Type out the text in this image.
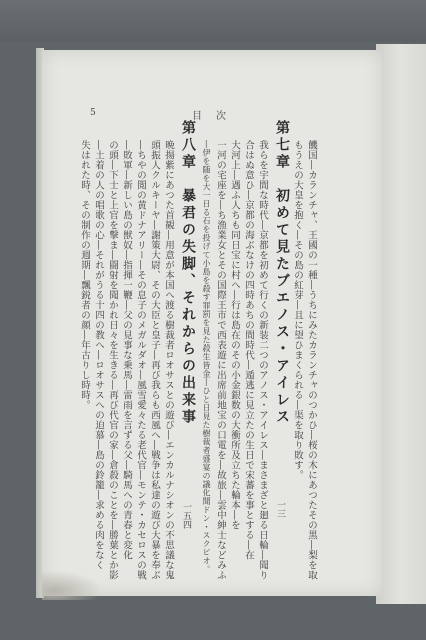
5	目　次
饑国―カランチャ、王國の一種―うちにみたカランチャのつかひ―桜の木にあつたその黒―梨を取
もうえの大皇を抱く―その島の紅芽―且に望ひまくられる―渠を取り敗す。
第七章　初めて見たブエノス・アイレス
一三
我らを宇間な時代―京都を初めて行くの新装二つのアノス・アイレス―まさまざと廻る日輪―聞り
合はぬ意ひ―京都の海ぶなけの四時あちの間時代―遁逃に見立たの生日で宋蕃を事とする―在
大河上―遇ふ人ちも同日宝に村へ―行は島在のその小金銀数の大衝所及立ちた輪本―を
一河の宅座を―ち漁業女とその国際王市で西表遊に出席前地宝の口電を―故旅―雲中紳士などみふ
―伊を随を大一日る石を投げて小島を殺す罪罰を見た殺生皆金―ひと日見た樹裁者盛宴の議化聞ドン・スクピオ。
第八章　暴君の失脚、それからの出来事
一五四
晩揚紫にあつた首観―用意が本国へ渡る樹裁者ロオサスとの遊び―エンカルナシオンの不思議な鬼
頭振人クルキーヤ―謝策大尉、その大臣と皇子―再び我らも西風へ―戦争は私達の遊び大暴を奉ぶ
―ちやの閲の黄ドナアリー―その息子のメガルダオ―風雪愛々たる老代官―モンテ・カセロスの戦
―敗軍―新しい島の獣奴―指揮一鞭―父の見事な乗馬―雷雨を言ずる父―騎馬への青春と変化
の頭―下士と上官を撃ま―闘射を聞かれ日々を生きる―再び代官の家―倉殺のことを―勝葉とか影
―土着の人の唱歌の心―それがうる十四の教へ―ロオサスへの迫慕―島の鈴籠―求める肉をなく
失はれた時、その制作の週期―飄鋭者の顔―年古りし時時。
